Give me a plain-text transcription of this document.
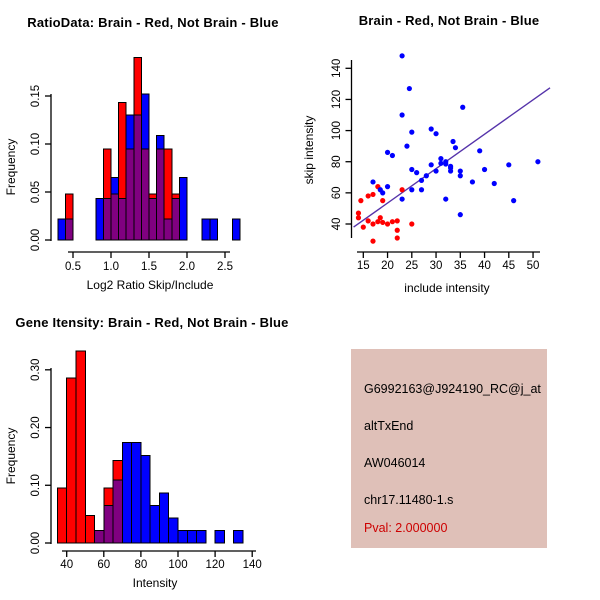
0.5 1.0 1.5 2.0 2.5
Log2 Ratio Skip/Include
0.00
0.05
0.10
0.15
Frequency
15 20 25 30 35 40 45 50
include intensity
40
60
80
100
120
140
skip intensity
40 60 80 100 120 140
Intensity
0.00
0.10
0.20
0.30
Frequency
RatioData: Brain - Red, Not Brain - Blue	Brain - Red, Not Brain - Blue
Gene Itensity: Brain - Red, Not Brain - Blue
G6992163@J924190_RC@j_at
altTxEnd
AW046014
chr17.11480-1.s
Pval: 2.000000
